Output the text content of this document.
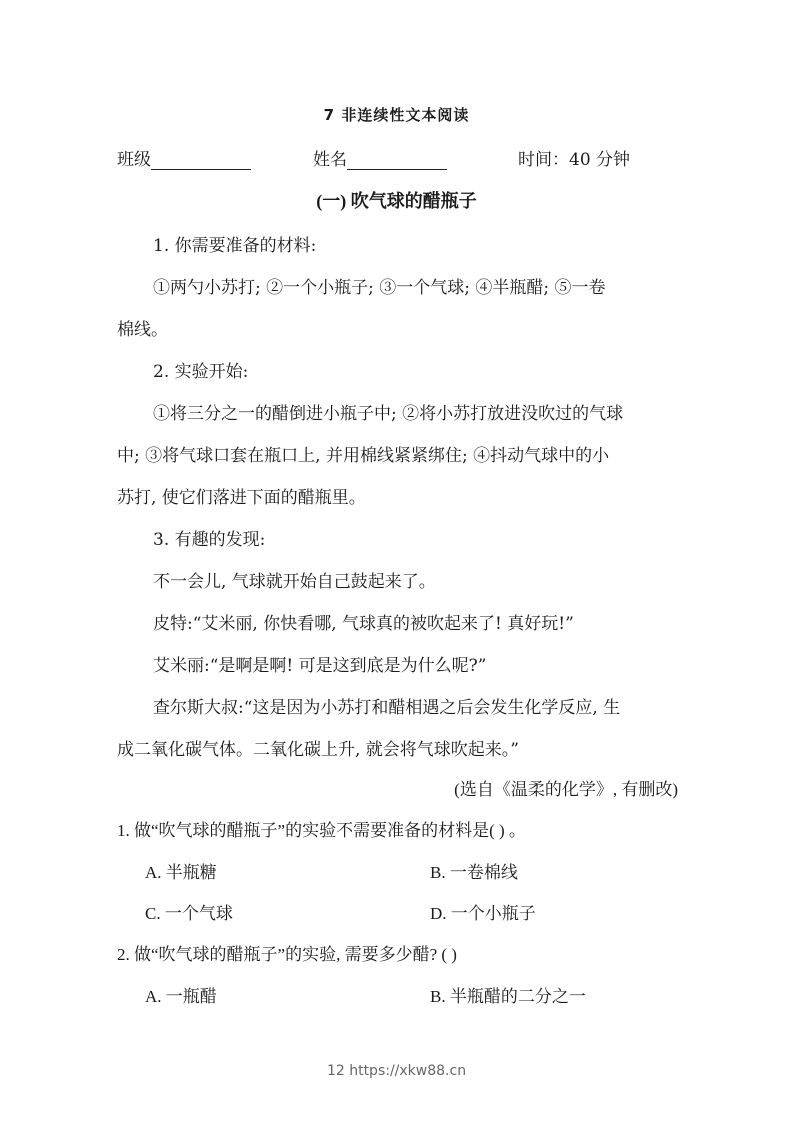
7 非连续性文本阅读
班级	姓名	时间：40 分钟
(一) 吹气球的醋瓶子
1. 你需要准备的材料:
①两勺小苏打; ②一个小瓶子; ③一个气球; ④半瓶醋; ⑤一卷
棉线。
2. 实验开始:
①将三分之一的醋倒进小瓶子中; ②将小苏打放进没吹过的气球
中; ③将气球口套在瓶口上, 并用棉线紧紧绑住; ④抖动气球中的小
苏打, 使它们落进下面的醋瓶里。
3. 有趣的发现:
不一会儿, 气球就开始自己鼓起来了。
皮特:“艾米丽, 你快看哪, 气球真的被吹起来了! 真好玩!”
艾米丽:“是啊是啊! 可是这到底是为什么呢?”
查尔斯大叔:“这是因为小苏打和醋相遇之后会发生化学反应, 生
成二氧化碳气体。二氧化碳上升, 就会将气球吹起来。”
(选自《温柔的化学》, 有删改)
1. 做“吹气球的醋瓶子”的实验不需要准备的材料是( ) 。
A. 半瓶糖	B. 一卷棉线
C. 一个气球	D. 一个小瓶子
2. 做“吹气球的醋瓶子”的实验, 需要多少醋? ( )
A. 一瓶醋	B. 半瓶醋的二分之一
12 https://xkw88.cn
